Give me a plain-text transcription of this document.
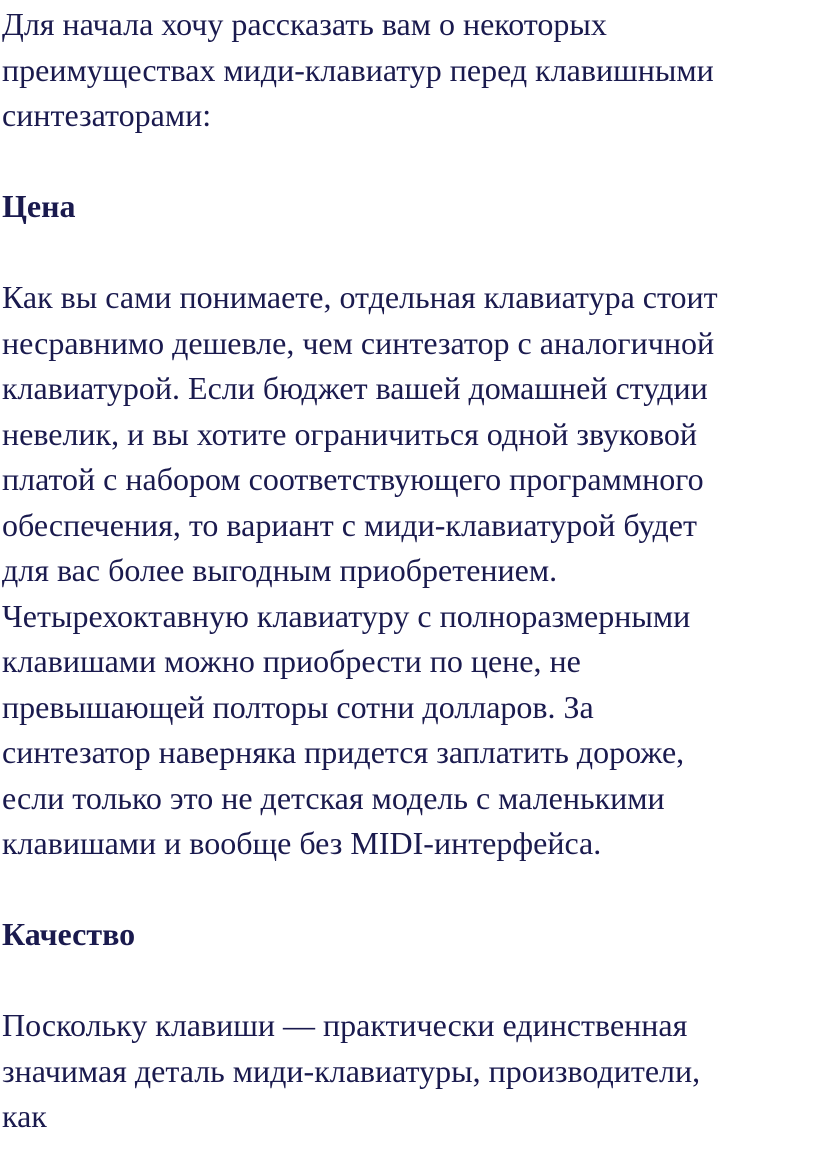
Для начала хочу рассказать вам о некоторых
преимуществах миди-клавиатур перед клавишными
синтезаторами:
Цена
Как вы сами понимаете, отдельная клавиатура стоит
несравнимо дешевле, чем синтезатор с аналогичной
клавиатурой. Если бюджет вашей домашней студии
невелик, и вы хотите ограничиться одной звуковой
платой с набором соответствующего программного
обеспечения, то вариант с миди-клавиатурой будет
для вас более выгодным приобретением.
Четырехоктавную клавиатуру с полноразмерными
клавишами можно приобрести по цене, не
превышающей полторы сотни долларов. За
синтезатор наверняка придется заплатить дороже,
если только это не детская модель с маленькими
клавишами и вообще без MIDI-интерфейса.
Качество
Поскольку клавиши — практически единственная
значимая деталь миди-клавиатуры, производители,
как
